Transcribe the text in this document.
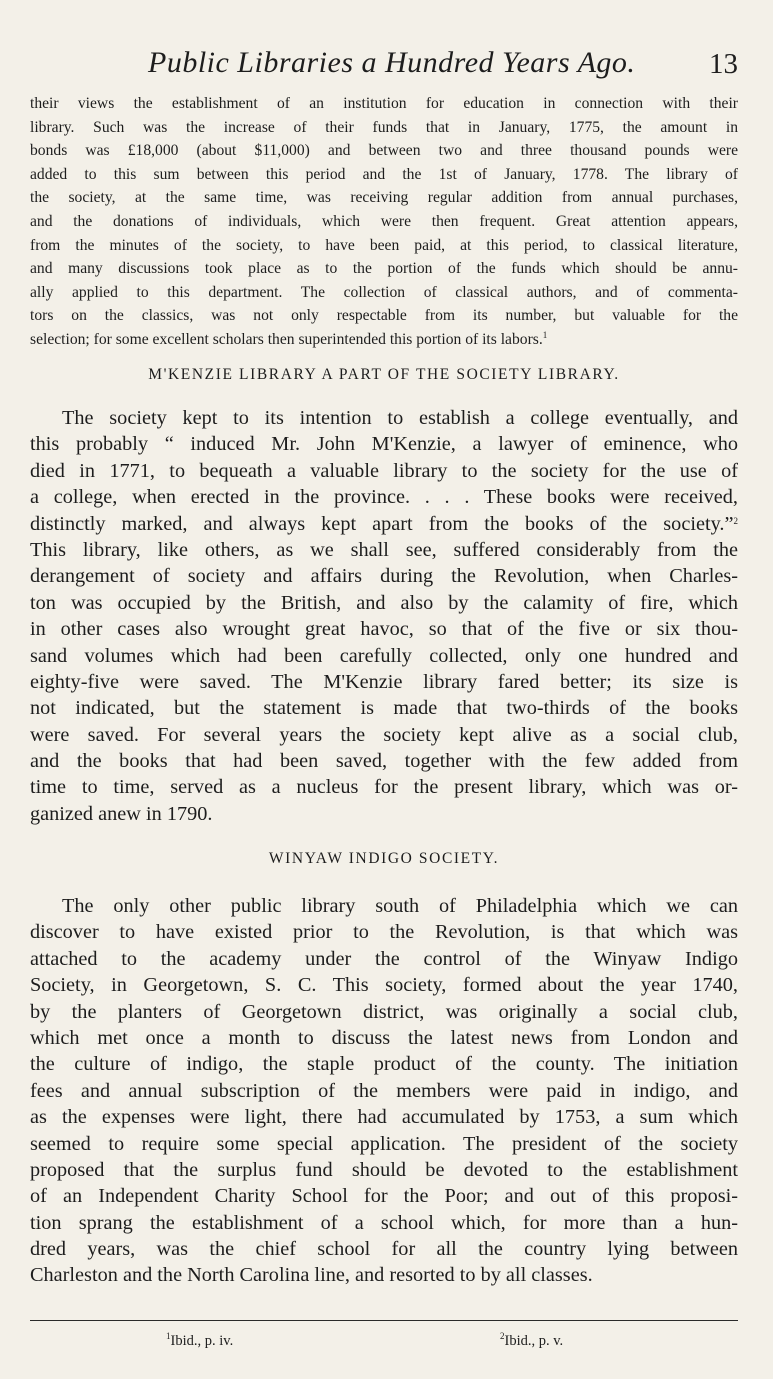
Public Libraries a Hundred Years Ago.	13
their views the establishment of an institution for education in connection with their
library. Such was the increase of their funds that in January, 1775, the amount in
bonds was £18,000 (about $11,000) and between two and three thousand pounds were
added to this sum between this period and the 1st of January, 1778. The library of
the society, at the same time, was receiving regular addition from annual purchases,
and the donations of individuals, which were then frequent. Great attention appears,
from the minutes of the society, to have been paid, at this period, to classical literature,
and many discussions took place as to the portion of the funds which should be annu-
ally applied to this department. The collection of classical authors, and of commenta-
tors on the classics, was not only respectable from its number, but valuable for the
selection; for some excellent scholars then superintended this portion of its labors.$^1$
M'KENZIE LIBRARY A PART OF THE SOCIETY LIBRARY.
The society kept to its intention to establish a college eventually, and
this probably “ induced Mr. John M'Kenzie, a lawyer of eminence, who
died in 1771, to bequeath a valuable library to the society for the use of
a college, when erected in the province. . . . These books were received,
distinctly marked, and always kept apart from the books of the society.”$^2$
This library, like others, as we shall see, suffered considerably from the
derangement of society and affairs during the Revolution, when Charles-
ton was occupied by the British, and also by the calamity of fire, which
in other cases also wrought great havoc, so that of the five or six thou-
sand volumes which had been carefully collected, only one hundred and
eighty-five were saved. The M'Kenzie library fared better; its size is
not indicated, but the statement is made that two-thirds of the books
were saved. For several years the society kept alive as a social club,
and the books that had been saved, together with the few added from
time to time, served as a nucleus for the present library, which was or-
ganized anew in 1790.
WINYAW INDIGO SOCIETY.
The only other public library south of Philadelphia which we can
discover to have existed prior to the Revolution, is that which was
attached to the academy under the control of the Winyaw Indigo
Society, in Georgetown, S. C. This society, formed about the year 1740,
by the planters of Georgetown district, was originally a social club,
which met once a month to discuss the latest news from London and
the culture of indigo, the staple product of the county. The initiation
fees and annual subscription of the members were paid in indigo, and
as the expenses were light, there had accumulated by 1753, a sum which
seemed to require some special application. The president of the society
proposed that the surplus fund should be devoted to the establishment
of an Independent Charity School for the Poor; and out of this proposi-
tion sprang the establishment of a school which, for more than a hun-
dred years, was the chief school for all the country lying between
Charleston and the North Carolina line, and resorted to by all classes.
$^1$Ibid., p. iv.	$^2$Ibid., p. v.
